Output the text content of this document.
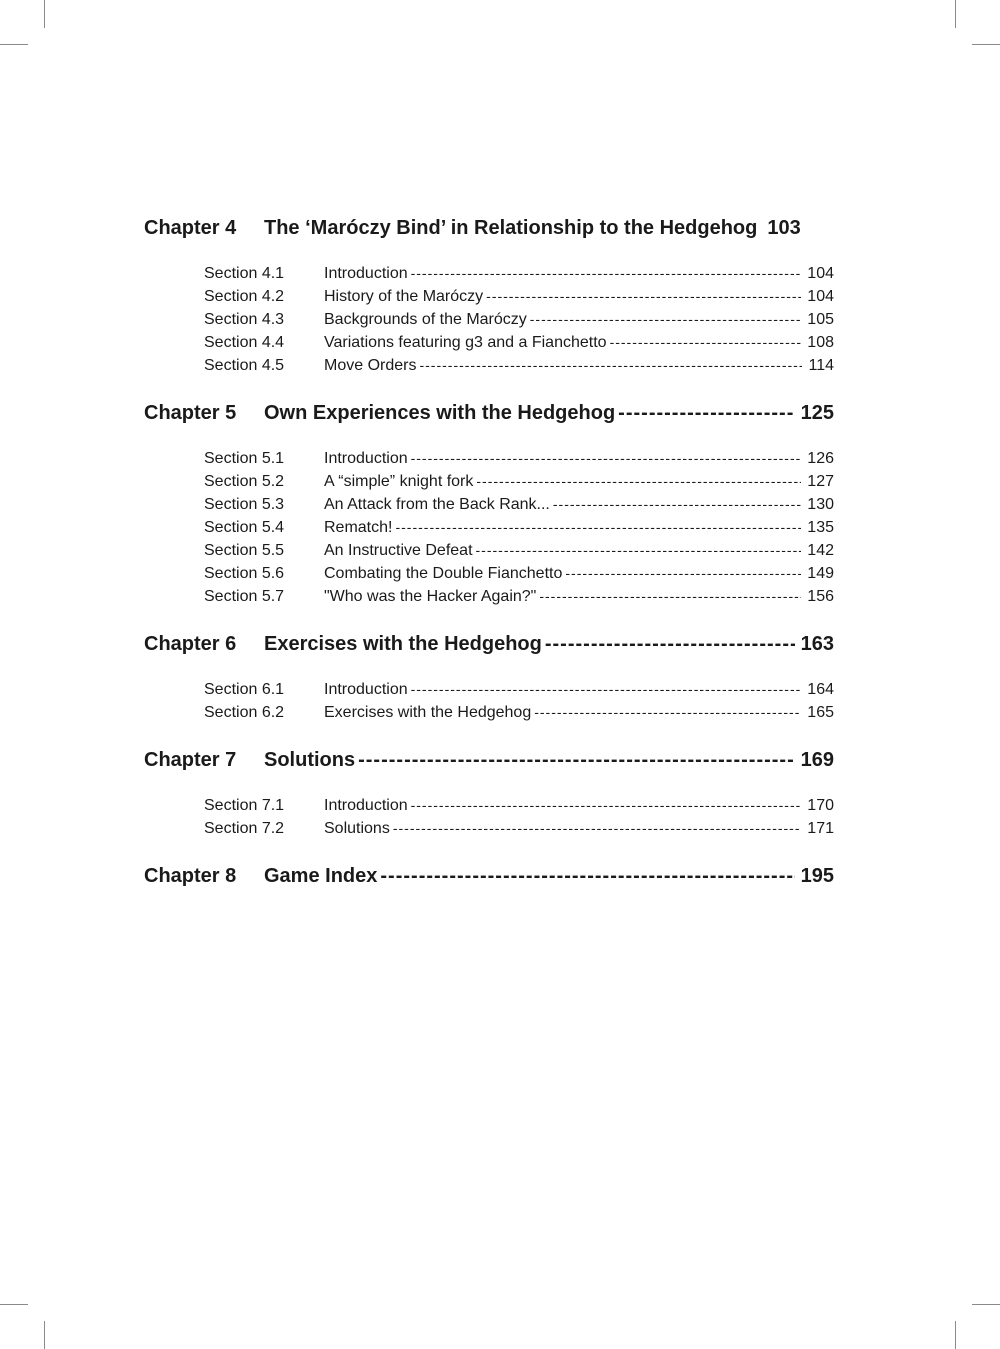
Chapter 4	The ‘Maróczy Bind’ in Relationship to the Hedgehog 103
Section 4.1	Introduction -----	104
Section 4.2	History of the Maróczy -----	104
Section 4.3	Backgrounds of the Maróczy -----	105
Section 4.4	Variations featuring g3 and a Fianchetto -----	108
Section 4.5	Move Orders -----	114
Chapter 5	Own Experiences with the Hedgehog -----	125
Section 5.1	Introduction -----	126
Section 5.2	A “simple” knight fork -----	127
Section 5.3	An Attack from the Back Rank... -----	130
Section 5.4	Rematch! -----	135
Section 5.5	An Instructive Defeat -----	142
Section 5.6	Combating the Double Fianchetto -----	149
Section 5.7	"Who was the Hacker Again?" -----	156
Chapter 6	Exercises with the Hedgehog -----	163
Section 6.1	Introduction -----	164
Section 6.2	Exercises with the Hedgehog -----	165
Chapter 7	Solutions -----	169
Section 7.1	Introduction -----	170
Section 7.2	Solutions -----	171
Chapter 8	Game Index -----	195
